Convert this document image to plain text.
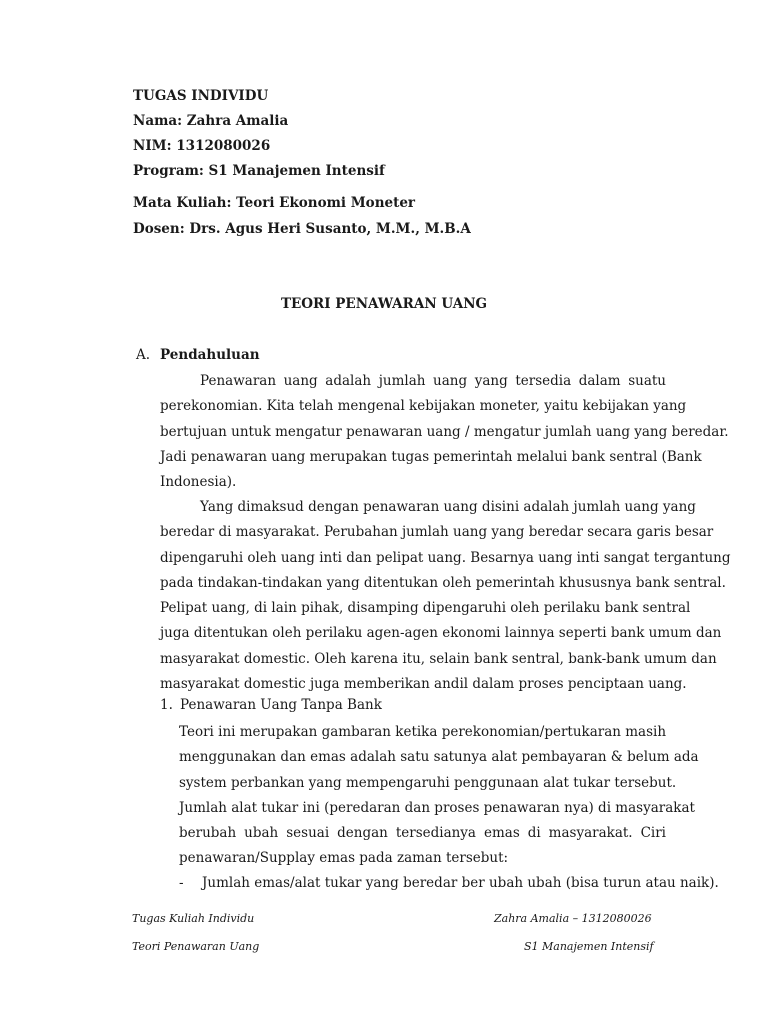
TUGAS INDIVIDU
Nama: Zahra Amalia
NIM: 1312080026
Program: S1 Manajemen Intensif
Mata Kuliah: Teori Ekonomi Moneter
Dosen: Drs. Agus Heri Susanto, M.M., M.B.A
TEORI PENAWARAN UANG
A. Pendahuluan
Penawaran uang adalah jumlah uang yang tersedia dalam suatu
perekonomian. Kita telah mengenal kebijakan moneter, yaitu kebijakan yang
bertujuan untuk mengatur penawaran uang / mengatur jumlah uang yang beredar.
Jadi penawaran uang merupakan tugas pemerintah melalui bank sentral (Bank
Indonesia).
Yang dimaksud dengan penawaran uang disini adalah jumlah uang yang
beredar di masyarakat. Perubahan jumlah uang yang beredar secara garis besar
dipengaruhi oleh uang inti dan pelipat uang. Besarnya uang inti sangat tergantung
pada tindakan-tindakan yang ditentukan oleh pemerintah khususnya bank sentral.
Pelipat uang, di lain pihak, disamping dipengaruhi oleh perilaku bank sentral
juga ditentukan oleh perilaku agen-agen ekonomi lainnya seperti bank umum dan
masyarakat domestic. Oleh karena itu, selain bank sentral, bank-bank umum dan
masyarakat domestic juga memberikan andil dalam proses penciptaan uang.
1. Penawaran Uang Tanpa Bank
Teori ini merupakan gambaran ketika perekonomian/pertukaran masih
menggunakan dan emas adalah satu satunya alat pembayaran & belum ada
system perbankan yang mempengaruhi penggunaan alat tukar tersebut.
Jumlah alat tukar ini (peredaran dan proses penawaran nya) di masyarakat
berubah ubah sesuai dengan tersedianya emas di masyarakat. Ciri
penawaran/Supplay emas pada zaman tersebut:
- Jumlah emas/alat tukar yang beredar ber ubah ubah (bisa turun atau naik).
Tugas Kuliah Individu	Zahra Amalia – 1312080026
Teori Penawaran Uang	S1 Manajemen Intensif
